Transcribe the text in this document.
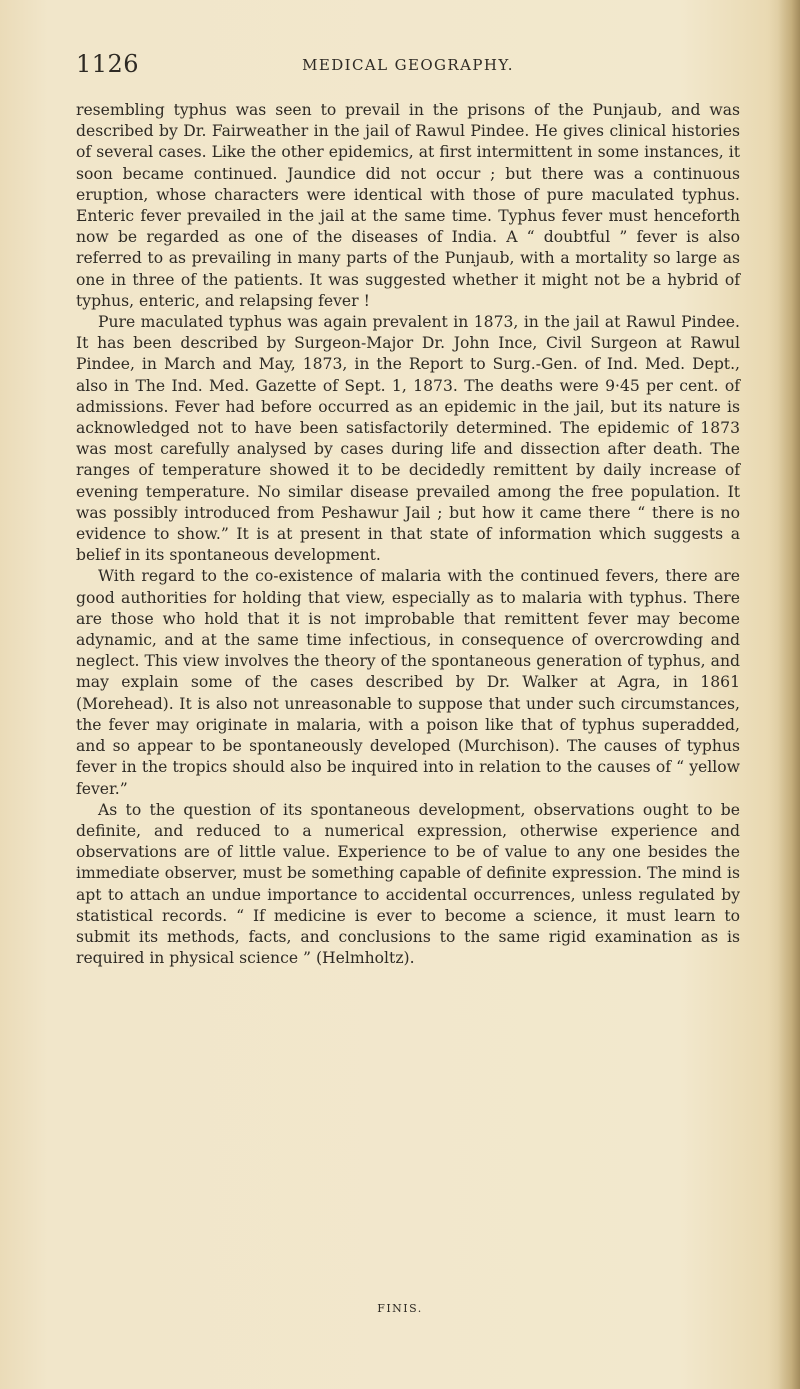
1126	MEDICAL GEOGRAPHY.

resembling typhus was seen to prevail in the prisons of the Punjaub, and was described by Dr. Fairweather in the jail of Rawul Pindee. He gives clinical histories of several cases. Like the other epidemics, at first intermittent in some instances, it soon became continued. Jaundice did not occur ; but there was a continuous eruption, whose characters were identical with those of pure maculated typhus. Enteric fever prevailed in the jail at the same time. Typhus fever must henceforth now be regarded as one of the diseases of India. A “ doubtful ” fever is also referred to as prevailing in many parts of the Punjaub, with a mortality so large as one in three of the patients. It was suggested whether it might not be a hybrid of typhus, enteric, and relapsing fever !

Pure maculated typhus was again prevalent in 1873, in the jail at Rawul Pindee. It has been described by Surgeon-Major Dr. John Ince, Civil Surgeon at Rawul Pindee, in March and May, 1873, in the Report to Surg.-Gen. of Ind. Med. Dept., also in The Ind. Med. Gazette of Sept. 1, 1873. The deaths were 9·45 per cent. of admissions. Fever had before occurred as an epidemic in the jail, but its nature is acknowledged not to have been satisfactorily determined. The epidemic of 1873 was most carefully analysed by cases during life and dissection after death. The ranges of temperature showed it to be decidedly remittent by daily increase of evening temperature. No similar disease prevailed among the free population. It was possibly introduced from Peshawur Jail ; but how it came there “ there is no evidence to show.” It is at present in that state of information which suggests a belief in its spontaneous development.

With regard to the co-existence of malaria with the continued fevers, there are good authorities for holding that view, especially as to malaria with typhus. There are those who hold that it is not improbable that remittent fever may become adynamic, and at the same time infectious, in consequence of overcrowding and neglect. This view involves the theory of the spontaneous generation of typhus, and may explain some of the cases described by Dr. Walker at Agra, in 1861 (Morehead). It is also not unreasonable to suppose that under such circumstances, the fever may originate in malaria, with a poison like that of typhus superadded, and so appear to be spontaneously developed (Murchison). The causes of typhus fever in the tropics should also be inquired into in relation to the causes of “ yellow fever.”

As to the question of its spontaneous development, observations ought to be definite, and reduced to a numerical expression, otherwise experience and observations are of little value. Experience to be of value to any one besides the immediate observer, must be something capable of definite expression. The mind is apt to attach an undue importance to accidental occurrences, unless regulated by statistical records. “ If medicine is ever to become a science, it must learn to submit its methods, facts, and conclusions to the same rigid examination as is required in physical science ” (Helmholtz).

FINIS.
